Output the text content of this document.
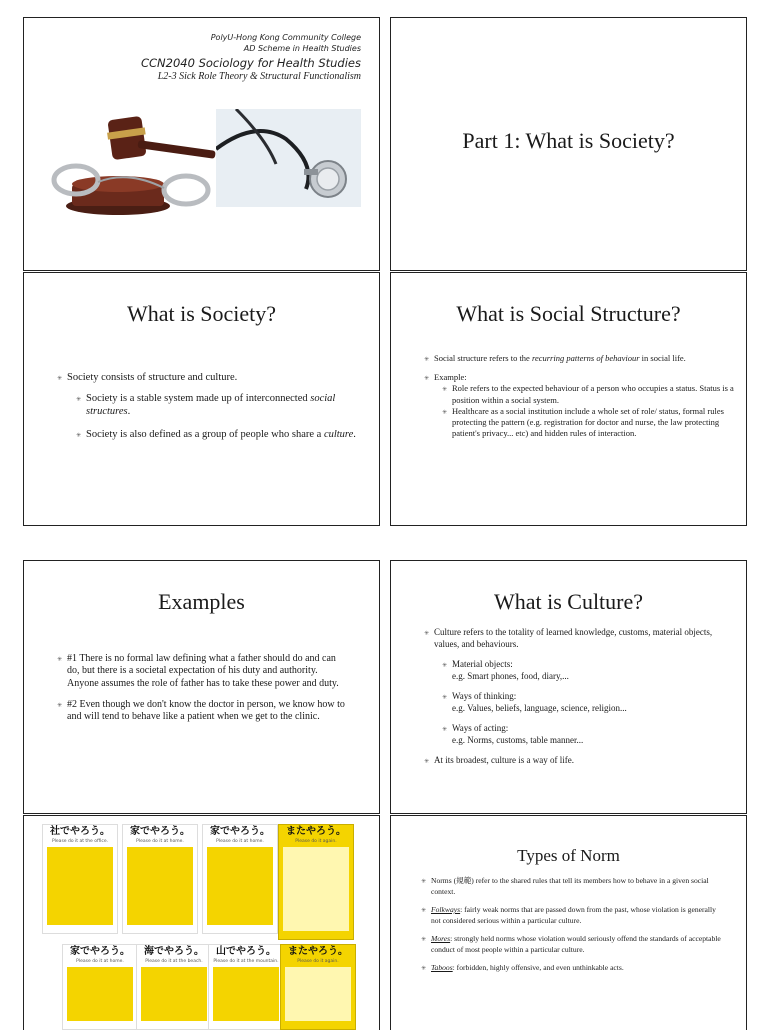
PolyU-Hong Kong Community College
AD Scheme in Health Studies
CCN2040 Sociology for Health Studies
L2-3 Sick Role Theory & Structural Functionalism
Part 1: What is Society?
What is Society?
✳ Society consists of structure and culture.
✳ Society is a stable system made up of interconnected social structures.
✳ Society is also defined as a group of people who share a culture.
What is Social Structure?
✳ Social structure refers to the recurring patterns of behaviour in social life.
✳ Example:
✳ Role refers to the expected behaviour of a person who occupies a status. Status is a position within a social system.
✳ Healthcare as a social institution include a whole set of role/ status, formal rules protecting the pattern (e.g. registration for doctor and nurse, the law protecting patient's privacy... etc) and hidden rules of interaction.
Examples
✳ #1 There is no formal law defining what a father should do and can do, but there is a societal expectation of his duty and authority. Anyone assumes the role of father has to take these power and duty.
✳ #2 Even though we don't know the doctor in person, we know how to and will tend to behave like a patient when we get to the clinic.
What is Culture?
✳ Culture refers to the totality of learned knowledge, customs, material objects, values, and behaviours.
✳ Material objects:
e.g. Smart phones, food, diary,...
✳ Ways of thinking:
e.g. Values, beliefs, language, science, religion...
✳ Ways of acting:
e.g. Norms, customs, table manner...
✳ At its broadest, culture is a way of life.
社でやろう。
Please do it at the office.
家でやろう。
Please do it at home.
家でやろう。
Please do it at home.
またやろう。
Please do it again.
家でやろう。
Please do it at home.
海でやろう。
Please do it at the beach.
山でやろう。
Please do it at the mountain.
またやろう。
Please do it again.
Types of Norm
✳ Norms (規範) refer to the shared rules that tell its members how to behave in a given social context.
✳ Folkways: fairly weak norms that are passed down from the past, whose violation is generally not considered serious within a particular culture.
✳ Mores: strongly held norms whose violation would seriously offend the standards of acceptable conduct of most people within a particular culture.
✳ Taboos: forbidden, highly offensive, and even unthinkable acts.
